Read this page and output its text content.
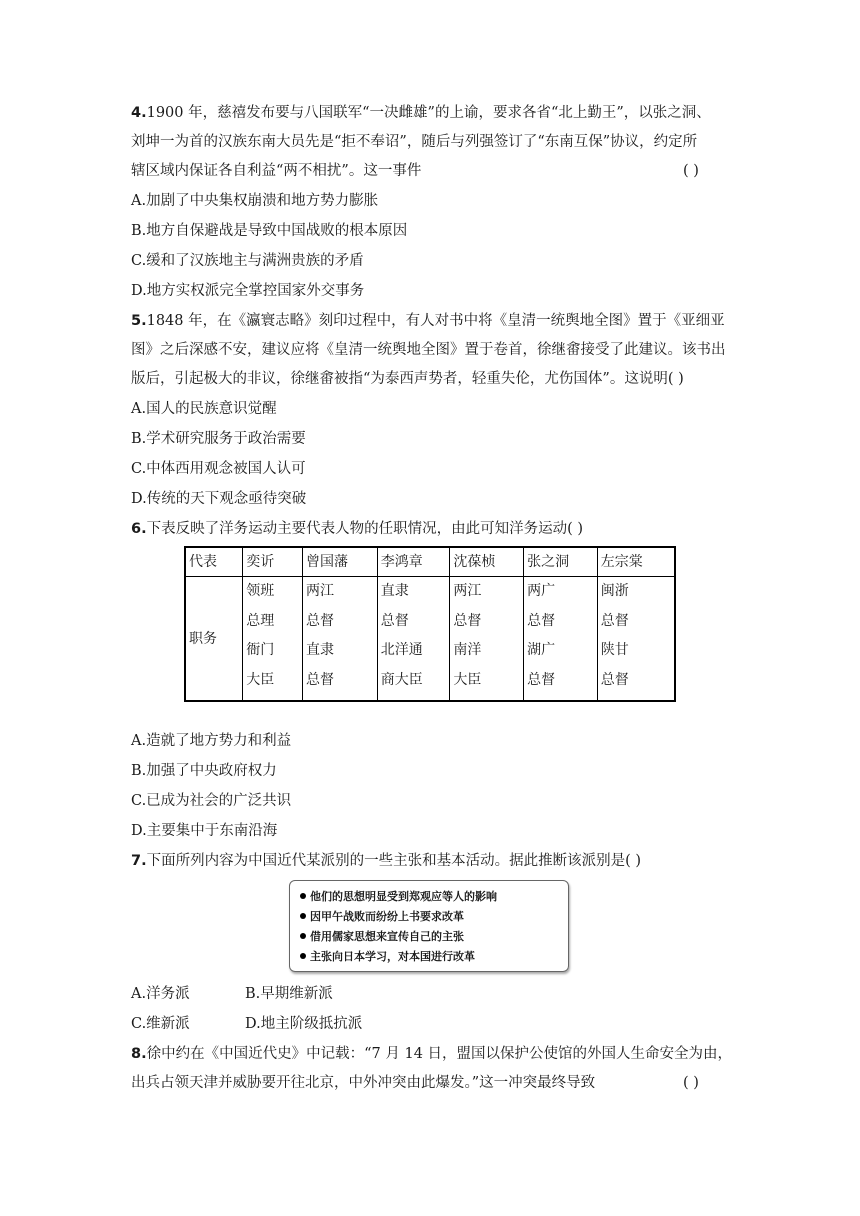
4.1900 年，慈禧发布要与八国联军“一决雌雄”的上谕，要求各省“北上勤王”，以张之洞、
刘坤一为首的汉族东南大员先是“拒不奉诏”，随后与列强签订了“东南互保”协议，约定所
辖区域内保证各自利益“两不相扰”。这一事件	( )
A.加剧了中央集权崩溃和地方势力膨胀
B.地方自保避战是导致中国战败的根本原因
C.缓和了汉族地主与满洲贵族的矛盾
D.地方实权派完全掌控国家外交事务
5.1848 年，在《瀛寰志略》刻印过程中，有人对书中将《皇清一统舆地全图》置于《亚细亚
图》之后深感不安，建议应将《皇清一统舆地全图》置于卷首，徐继畬接受了此建议。该书出
版后，引起极大的非议，徐继畬被指“为泰西声势者，轻重失伦，尤伤国体”。这说明( )
A.国人的民族意识觉醒
B.学术研究服务于政治需要
C.中体西用观念被国人认可
D.传统的天下观念亟待突破
6.下表反映了洋务运动主要代表人物的任职情况，由此可知洋务运动( )
代表	奕䜣	曾国藩	李鸿章	沈葆桢	张之洞	左宗棠
职务	领班
总理
衙门
大臣	两江
总督
直隶
总督	直隶
总督
北洋通
商大臣	两江
总督
南洋
大臣	两广
总督
湖广
总督	闽浙
总督
陕甘
总督
A.造就了地方势力和利益
B.加强了中央政府权力
C.已成为社会的广泛共识
D.主要集中于东南沿海
7.下面所列内容为中国近代某派别的一些主张和基本活动。据此推断该派别是( )
他们的思想明显受到郑观应等人的影响
因甲午战败而纷纷上书要求改革
借用儒家思想来宣传自己的主张
主张向日本学习，对本国进行改革
A.洋务派	B.早期维新派
C.维新派	D.地主阶级抵抗派
8.徐中约在《中国近代史》中记载：“7 月 14 日，盟国以保护公使馆的外国人生命安全为由，
出兵占领天津并威胁要开往北京，中外冲突由此爆发。”这一冲突最终导致	( )
